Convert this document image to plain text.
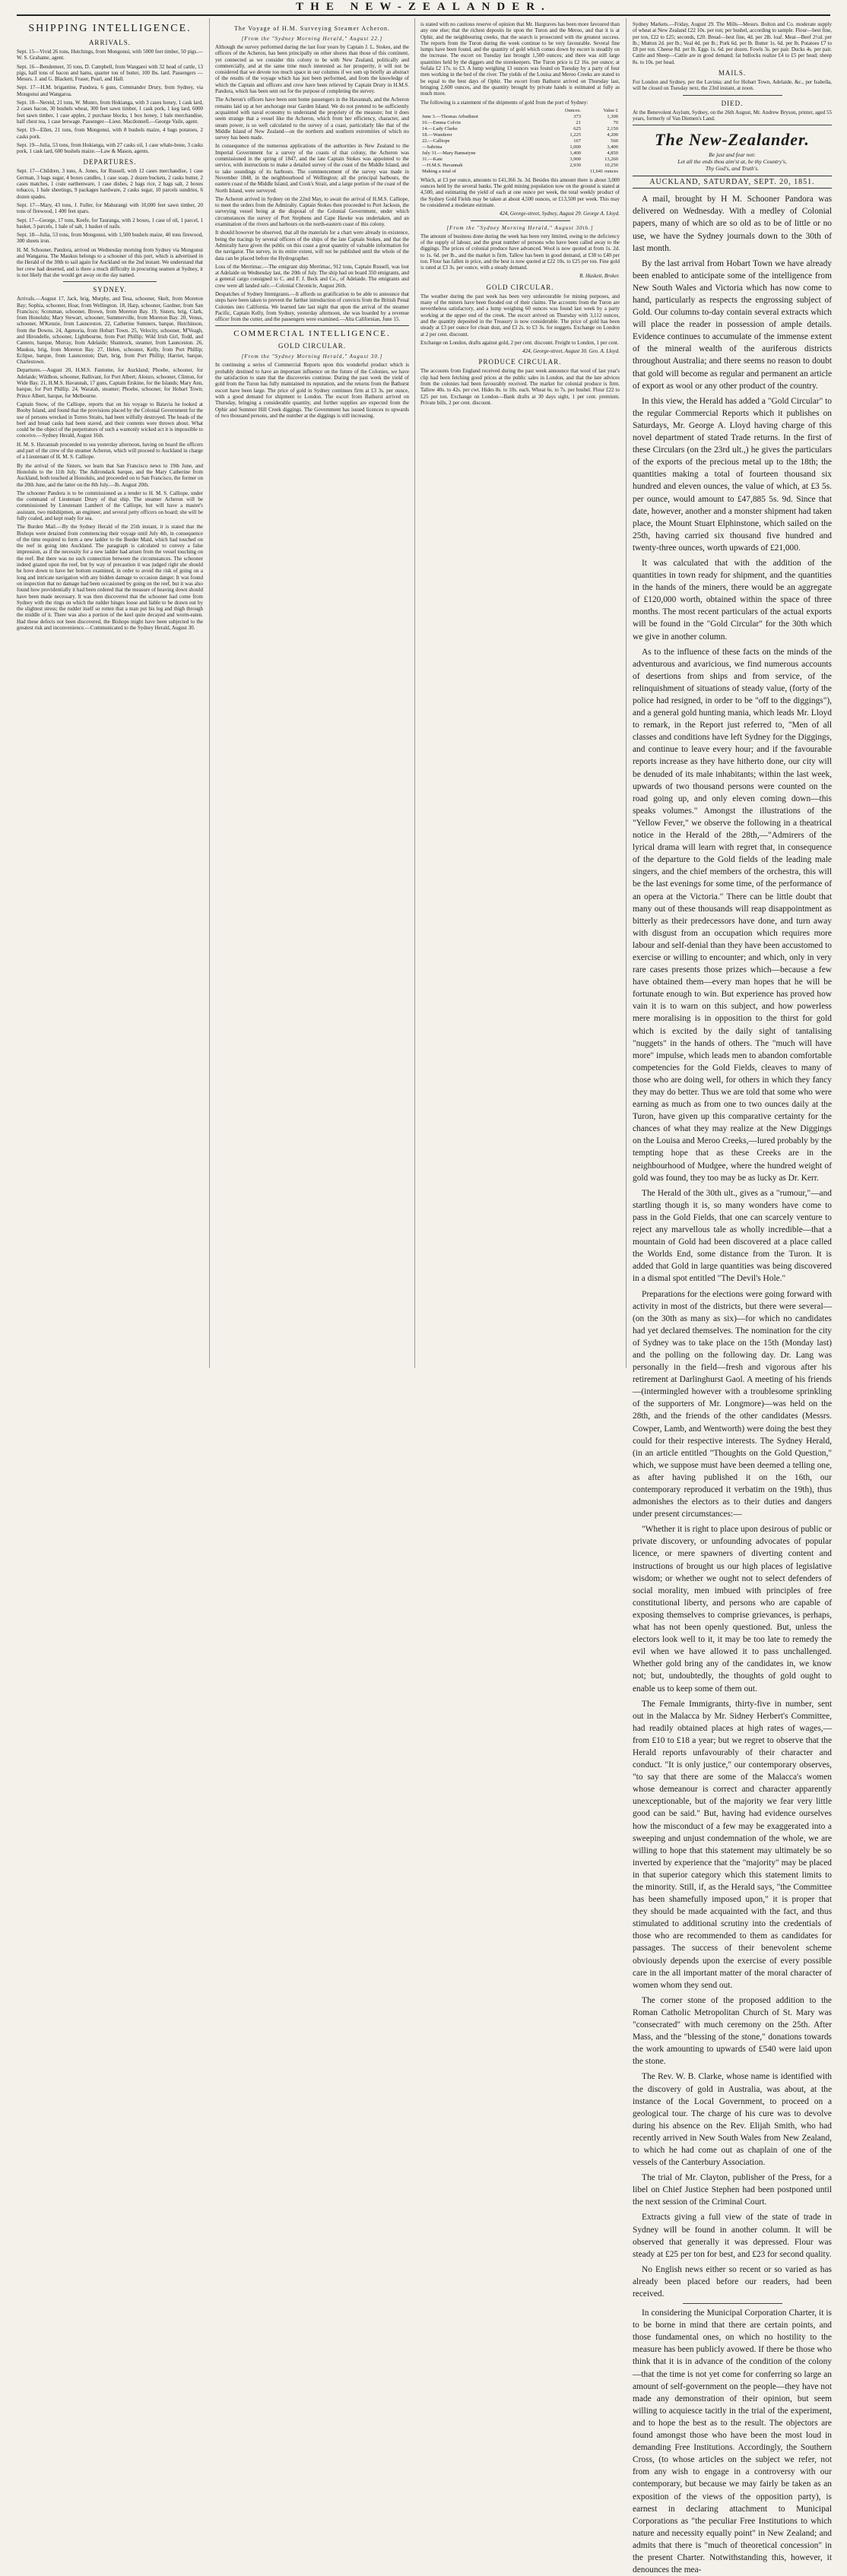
THE NEW-ZEALANDER.
SHIPPING INTELLIGENCE.
ARRIVALS.

Sept. 15—Vivid 26 tons, Hutchings, from Mongonui, with 5000 feet timber, 50 pigs.—W. S. Grahame, agent.

Sept. 16—Bendemeer, 35 tons, D. Campbell, from Wangarei with 32 head of cattle, 13 pigs, half tons of bacon and hams, quarter ton of butter, 100 lbs. lard. Passengers — Messrs. J. and G. Blackett, Fraser, Pearl, and Hall.

Sept. 17—H.M. brigantine, Pandora, 6 guns, Commander Drury, from Sydney, via Mongonui and Wangaroa.

Sept. 18—Nereid, 21 tons, W. Munro, from Hokianga, with 3 cases honey, 1 cask lard, 2 cases bacon, 30 bushels wheat, 300 feet sawn timber, 1 cask pork, 1 keg lard, 6000 feet sawn timber, 1 case apples, 2 purchase blocks, 1 box honey, 1 bale merchandise, half chest tea, 1 case brewage. Passenger—Lieut. Macdonnell.—George Vaile, agent.

Sept. 19—Ellen, 21 tons, from Mongonui, with 8 bushels maize, 4 bags potatoes, 2 casks pork.

Sept. 19—Julia, 53 tons, from Hokianga, with 27 casks oil, 1 case whale-bone, 3 casks pork, 1 cask lard, 600 bushels maize.—Law & Mason, agents.

DEPARTURES.

Sept. 17—Children, 3 tons, A. Jones, for Russell, with 12 cases merchandise, 1 case German, 3 bags sugar, 4 boxes candles, 1 case soap, 2 dozen buckets, 2 casks butter, 2 cases matches, 1 crate earthenware, 1 case dishes, 2 bags rice, 2 bags salt, 2 boxes tobacco, 1 bale sheetings, 9 packages hardware, 2 casks sugar, 10 parcels sundries, 6 dozen spades.

Sept. 17—Mary, 43 tons, J. Fuller, for Mahurangi with 10,000 feet sawn timber, 20 tons of firewood, 1 400 feet spars.

Sept. 17—George, 17 tons, Keefe, for Tauranga, with 2 boxes, 1 case of oil, 1 parcel, 1 basket, 3 parcels, 1 bale of salt, 1 basket of nails.

Sept. 18—Julia, 53 tons, from Mongonui, with 1,500 bushels maize, 40 tons firewood, 300 sheets iron.

H. M. Schooner, Pandora, arrived on Wednesday morning from Sydney via Mongonui and Wangaroa. The Maukus belongs to a schooner of this port, which is advertised in the Herald of the 30th to sail again for Auckland on the 2nd instant. We understand that her crew had deserted, and is there a much difficulty in procuring seamen at Sydney, it is not likely that she would get away on the day named.

SYDNEY.

Arrivals.—August 17, Jack, brig, Murphy, and Tesa, schooner, Skelt, from Moreton Bay; Sophia, schooner, Hoar, from Wellington. 18, Harp, schooner, Gardner, from San Francisco; Scotsman, schooner, Brown, from Moreton Bay. 19, Sisters, brig, Clark, from Honolulu; Mary Stewart, schooner, Summerville, from Moreton Bay. 20, Venus, schooner, M'Kenzie, from Launceston. 22, Catherine Sumners, barque, Hutchinson, from the Downs. 24, Agenoria, from Hobart Town. 25, Velocity, schooner, M'Veagh, and Hirondelle, schooner, Lightbourne, from Port Phillip; Wild Irish Girl, Todd, and Cantero, barque, Murray, from Adelaide; Shamrock, steamer, from Launceston. 26, Maukus, brig, from Moreton Bay. 27, Helen, schooner, Kelly, from Port Phillip; Eclipse, barque, from Launceston; Dart, brig, from Port Phillip; Harriet, barque, Charlestown.

Departures.—August 20, H.M.S. Fantome, for Auckland; Phoebe, schooner, for Adelaide; Wildbon, schooner, Ballivant, for Port Albert; Alonzo, schooner, Clinton, for Wide Bay. 21, H.M.S. Havannah, 17 guns, Captain Erskine, for the Islands; Mary Ann, barque, for Port Phillip. 24, Waratah, steamer; Phoebe, schooner, for Hobart Town; Prince Albert, barque, for Melbourne.

Captain Snow, of the Calliope, reports that on his voyage to Batavia he looked at Booby Island, and found that the provisions placed by the Colonial Government for the use of persons wrecked in Torres Straits, had been wilfully destroyed. The heads of the beef and bread casks had been staved, and their contents were thrown about. What could be the object of the perpetrators of such a wantonly wicked act it is impossible to conceive.—Sydney Herald, August 16th.

H. M. S. Havannah proceeded to sea yesterday afternoon, having on board the officers and part of the crew of the steamer Acheron, which will proceed to Auckland in charge of a Lieutenant of H. M. S. Calliope.

By the arrival of the Sisters, we learn that San Francisco news to 19th June, and Honolulu to the 11th July. The Adirondack barque, and the Mary Catherine from Auckland, both touched at Honolulu, and proceeded on to San Francisco, the former on the 20th June, and the latter on the 8th July.—Ib. August 20th.

The schooner Pandora is to be commissioned as a tender to H. M. S. Calliope, under the command of Lieutenant Drury of that ship. The steamer Acheron will be commissioned by Lieutenant Lambert of the Calliope, but will have a master's assistant, two midshipmen, an engineer, and several petty officers on board; she will be fully coaled, and kept ready for sea.

The Burden Mail.—By the Sydney Herald of the 25th instant, it is stated that the Bishops were detained from commencing their voyage until July 4th, in consequence of the time required to form a new ladder to the Border Maid, which had touched on the reef in going into Auckland. The paragraph is calculated to convey a false impression, as if the necessity for a new ladder had arisen from the vessel touching on the reef. But there was no such connection between the circumstances. The schooner indeed grazed upon the reef, but by way of precaution it was judged right she should be hove down to have her bottom examined, in order to avoid the risk of going on a long and intricate navigation with any hidden damage to occasion danger. It was found on inspection that no damage had been occasioned by going on the reef, but it was also found how providentially it had been ordered that the measure of heaving down should have been made necessary. It was then discovered that the schooner had come from Sydney with the rings on which the rudder hinges loose and liable to be drawn out by the slightest stress; the rudder itself so rotten that a man put his leg and thigh through the middle of it. There was also a portion of the keel quite decayed and worm-eaten. Had these defects not been discovered, the Bishops might have been subjected to the greatest risk and inconvenience.—Communicated to the Sydney Herald, August 30.

The Voyage of H.M. Surveying Steamer Acheron.
[From the "Sydney Morning Herald," August 22.]

Although the survey performed during the last four years by Captain J. L. Stokes, and the officers of the Acheron, has been principally on other shores than those of this continent, yet connected as we consider this colony to be with New Zealand, politically and commercially, and at the same time much interested as her prosperity, it will not be considered that we devote too much space in our columns if we sum up briefly an abstract of the results of the voyage which has just been performed, and from the knowledge of which the Captain and officers and crew have been relieved by Captain Drury in H.M.S. Pandora, which has been sent out for the purpose of completing the survey.

The Acheron's officers have been sent home passengers in the Havannah, and the Acheron remains laid up at her anchorage near Garden Island. We do not pretend to be sufficiently acquainted with naval economy to understand the propriety of the measure; but it does seem strange that a vessel like the Acheron, which from her efficiency, character, and steam power, is so well calculated to the survey of a coast, particularly like that of the Middle Island of New Zealand—on the northern and southern extremities of which no survey has been made.

In consequence of the numerous applications of the authorities in New Zealand to the Imperial Government for a survey of the coasts of that colony, the Acheron was commissioned in the spring of 1847, and the late Captain Stokes was appointed to the service, with instructions to make a detailed survey of the coast of the Middle Island, and to take soundings of its harbours. The commencement of the survey was made in November 1848, in the neighbourhood of Wellington; all the principal harbours, the eastern coast of the Middle Island, and Cook's Strait, and a large portion of the coast of the North Island, were surveyed.

The Acheron arrived in Sydney on the 22nd May, to await the arrival of H.M.S. Calliope, to meet the orders from the Admiralty. Captain Stokes then proceeded to Port Jackson, the surveying vessel being at the disposal of the Colonial Government, under which circumstances the survey of Port Stephens and Cape Hawke was undertaken, and an examination of the rivers and harbours on the north-eastern coast of this colony.

It should however be observed, that all the materials for a chart were already in existence, being the tracings by several officers of the ships of the late Captain Stokes, and that the Admiralty have given the public on this coast a great quantity of valuable information for the navigator. The survey, in its entire extent, will not be published until the whole of the data can be placed before the Hydrographer.

Loss of the Merrimac.—The emigrant ship Merrimac, 912 tons, Captain Russell, was lost at Adelaide on Wednesday last, the 20th of July. The ship had on board 350 emigrants, and a general cargo consigned to C. and F. J. Beck and Co., of Adelaide. The emigrants and crew were all landed safe.—Colonial Chronicle, August 26th.

Despatches of Sydney Immigrants.—It affords us gratification to be able to announce that steps have been taken to prevent the further introduction of convicts from the British Penal Colonies into California. We learned late last night that upon the arrival of the steamer Pacific, Captain Kelly, from Sydney, yesterday afternoon, she was boarded by a revenue officer from the cutter, and the passengers were examined.—Alta Californian, June 15.

COMMERCIAL INTELLIGENCE.
GOLD CIRCULAR.
[From the "Sydney Morning Herald," August 30.]

In continuing a series of Commercial Reports upon this wonderful product which is probably destined to have an important influence on the future of the Colonies, we have the satisfaction to state that the discoveries continue. During the past week the yield of gold from the Turon has fully maintained its reputation, and the returns from the Bathurst escort have been large. The price of gold in Sydney continues firm at £3 3s. per ounce, with a good demand for shipment to London. The escort from Bathurst arrived on Thursday, bringing a considerable quantity, and further supplies are expected from the Ophir and Summer Hill Creek diggings. The Government has issued licences to upwards of two thousand persons, and the number at the diggings is still increasing.

is stated with no cautious reserve of opinion that Mr. Hargraves has been more favoured than any one else; that the richest deposits lie upon the Turon and the Meroo, and that it is at Ophir, and the neighbouring creeks, that the search is prosecuted with the greatest success. The reports from the Turon during the week continue to be very favourable. Several fine lumps have been found, and the quantity of gold which comes down by escort is steadily on the increase. The escort on Tuesday last brought 1,500 ounces; and there was still large quantities held by the diggers and the storekeepers. The Turon price is £2 16s. per ounce; at Sofala £2 17s. to £3. A lump weighing 13 ounces was found on Tuesday by a party of four men working in the bed of the river. The yields of the Louisa and Meroo Creeks are stated to be equal to the best days of Ophir. The escort from Bathurst arrived on Thursday last, bringing 2,600 ounces, and the quantity brought by private hands is estimated at fully as much more.

The following is a statement of the shipments of gold from the port of Sydney:

	Ounces.	Value £
June 3.—Thomas Arbuthnot	373	1,300
10.—Emma Colvin	21	70
14.—Lady Clarke	625	2,150
18.—Wanderer	1,225	4,200
22.—Calliope	167	560
—Sabrina	1,000	3,400
July 31.—Mary Bannatyne	1,400	4,850
31.—Kate	3,900	13,260
—H.M.S. Havannah	2,930	10,250
Making a total of	11,641 ounces	

Which, at £3 per ounce, amounts to £41,366 3s. 3d. Besides this amount there is about 3,000 ounces held by the several banks. The gold mining population now on the ground is stated at 4,500, and estimating the yield of each at one ounce per week, the total weekly product of the Sydney Gold Fields may be taken at about 4,500 ounces, or £13,500 per week. This may be considered a moderate estimate.

424, George-street, Sydney, August 29. George A. Lloyd.

[From the "Sydney Morning Herald," August 30th.]

The amount of business done during the week has been very limited, owing to the deficiency of the supply of labour, and the great number of persons who have been called away to the diggings. The prices of colonial produce have advanced. Wool is now quoted at from 1s. 2d. to 1s. 6d. per lb., and the market is firm. Tallow has been in good demand, at £38 to £40 per ton. Flour has fallen in price, and the best is now quoted at £22 10s. to £25 per ton. Fine gold is rated at £3 3s. per ounce, with a steady demand.

R. Haskett, Broker.

GOLD CIRCULAR.

The weather during the past week has been very unfavourable for mining purposes, and many of the miners have been flooded out of their claims. The accounts from the Turon are nevertheless satisfactory, and a lump weighing 60 ounces was found last week by a party working at the upper end of the creek. The escort arrived on Thursday with 3,112 ounces, and the quantity deposited in the Treasury is now considerable. The price of gold has been steady at £3 per ounce for clean dust, and £3 2s. to £3 3s. for nuggets. Exchange on London at 2 per cent. discount.

Exchange on London, drafts against gold, 2 per cent. discount. Freight to London, 1 per cent.

424, George-street, August 30. Geo. A. Lloyd.

PRODUCE CIRCULAR.

The accounts from England received during the past week announce that wool of last year's clip had been fetching good prices at the public sales in London, and that the late advices from the colonies had been favourably received. The market for colonial produce is firm. Tallow 40s. to 42s. per cwt. Hides 8s. to 10s. each. Wheat 6s. to 7s. per bushel. Flour £22 to £25 per ton. Exchange on London—Bank drafts at 30 days sight, 1 per cent. premium. Private bills, 2 per cent. discount.

Sydney Markets.—Friday, August 29. The Mills—Messrs. Bolton and Co. moderate supply of wheat at New Zealand £22 10s. per ton; per bushel, according to sample. Flour—best fine, per ton, £22 to £25; seconds, £20. Bread—best fine, 4d. per 2lb. loaf. Meat—Beef 2½d. per lb.; Mutton 2d. per lb.; Veal 4d. per lb.; Pork 6d. per lb. Butter 1s. 6d. per lb. Potatoes £7 to £8 per ton. Cheese 8d. per lb. Eggs 1s. 6d. per dozen. Fowls 3s. per pair. Ducks 4s. per pair. Cattle and Sheep—Cattle are in good demand; fat bullocks realize £4 to £5 per head; sheep 8s. to 10s. per head.

MAILS.

For London and Sydney, per the Lavinia; and for Hobart Town, Adelaide, &c., per Isabella, will be closed on Tuesday next, the 23rd instant, at noon.

DIED.

At the Benevolent Asylum, Sydney, on the 26th August, Mr. Andrew Bryson, printer, aged 55 years, formerly of Van Diemen's Land.

The New-Zealander.
Be just and fear not:
Let all the ends thou aim'st at, be thy Country's,
Thy God's, and Truth's.
AUCKLAND, SATURDAY, SEPT. 20, 1851.

A mail, brought by H M. Schooner Pandora was delivered on Wednesday. With a medley of Colonial papers, many of which are so old as to be of little or no use, we have the Sydney journals down to the 30th of last month.

By the last arrival from Hobart Town we have already been enabled to anticipate some of the intelligence from New South Wales and Victoria which has now come to hand, particularly as respects the engrossing subject of Gold. Our columns to-day contain several extracts which will place the reader in possession of ample details. Evidence continues to accumulate of the immense extent of the mineral wealth of the auriferous districts throughout Australia; and there seems no reason to doubt that gold will become as regular and permanent an article of export as wool or any other product of the country.

In this view, the Herald has added a "Gold Circular" to the regular Commercial Reports which it publishes on Saturdays, Mr. George A. Lloyd having charge of this novel department of stated Trade returns. In the first of these Circulars (on the 23rd ult.,) he gives the particulars of the exports of the precious metal up to the 18th; the quantities making a total of fourteen thousand six hundred and eleven ounces, the value of which, at £3 5s. per ounce, would amount to £47,885 5s. 9d. Since that date, however, another and a monster shipment had taken place, the Mount Stuart Elphinstone, which sailed on the 25th, having carried six thousand five hundred and twenty-three ounces, worth upwards of £21,000.

It was calculated that with the addition of the quantities in town ready for shipment, and the quantities in the hands of the miners, there would be an aggregate of £120,000 worth, obtained within the space of three months. The most recent particulars of the actual exports will be found in the "Gold Circular" for the 30th which we give in another column.

As to the influence of these facts on the minds of the adventurous and avaricious, we find numerous accounts of desertions from ships and from service, of the relinquishment of situations of steady value, (forty of the police had resigned, in order to be "off to the diggings"), and a general gold hunting mania, which leads Mr. Lloyd to remark, in the Report just referred to, "Men of all classes and conditions have left Sydney for the Diggings, and continue to leave every hour; and if the favourable reports increase as they have hitherto done, our city will be denuded of its male inhabitants; within the last week, upwards of two thousand persons were counted on the road going up, and only eleven coming down—this speaks volumes." Amongst the illustrations of the "Yellow Fever," we observe the following in a theatrical notice in the Herald of the 28th,—"Admirers of the lyrical drama will learn with regret that, in consequence of the departure to the Gold fields of the leading male singers, and the chief members of the orchestra, this will be the last evenings for some time, of the performance of an opera at the Victoria." There can be little doubt that many out of these thousands will reap disappointment as bitterly as their predecessors have done, and turn away with disgust from an occupation which requires more labour and self-denial than they have been accustomed to exercise or willing to encounter; and which, only in very rare cases presents those prizes which—because a few have obtained them—every man hopes that he will be fortunate enough to win. But experience has proved how vain it is to warn on this subject, and how powerless mere moralising is in opposition to the thirst for gold which is excited by the daily sight of tantalising "nuggets" in the hands of others. The "much will have more" impulse, which leads men to abandon comfortable competencies for the Gold Fields, cleaves to many of those who are doing well, for others in which they fancy they may do better. Thus we are told that some who were earning as much as from one to two ounces daily at the Turon, have given up this comparative certainty for the chances of what they may realize at the New Diggings on the Louisa and Meroo Creeks,—lured probably by the tempting hope that as these Creeks are in the neighbourhood of Mudgee, where the hundred weight of gold was found, they too may be as lucky as Dr. Kerr.

The Herald of the 30th ult., gives as a "rumour,"—and startling though it is, so many wonders have come to pass in the Gold Fields, that one can scarcely venture to reject any marvellous tale as wholly incredible—that a mountain of Gold had been discovered at a place called the Worlds End, some distance from the Turon. It is added that Gold in large quantities was being discovered in a dismal spot entitled "The Devil's Hole."

Preparations for the elections were going forward with activity in most of the districts, but there were several—(on the 30th as many as six)—for which no candidates had yet declared themselves. The nomination for the city of Sydney was to take place on the 15th (Monday last) and the polling on the following day. Dr. Lang was personally in the field—fresh and vigorous after his retirement at Darlinghurst Gaol. A meeting of his friends—(intermingled however with a troublesome sprinkling of the supporters of Mr. Longmore)—was held on the 28th, and the friends of the other candidates (Messrs. Cowper, Lamb, and Wentworth) were doing the best they could for their respective interests. The Sydney Herald, (in an article entitled "Thoughts on the Gold Question," which, we suppose must have been deemed a telling one, as after having published it on the 16th, our contemporary reproduced it verbatim on the 19th), thus admonishes the electors as to their duties and dangers under present circumstances:—

"Whether it is right to place upon desirous of public or private discovery, or unfounding advocates of popular licence, or mere spawners of diverting content and instructions of brought us our high places of legislative wisdom; or whether we ought not to select defenders of social morality, men imbued with principles of free constitutional liberty, and persons who are capable of exposing themselves to comprise grievances, is perhaps, what has not been openly questioned. But, unless the electors look well to it, it may be too late to remedy the evil when we have allowed it to pass unchallenged. Whether gold bring any of the candidates in, we know not; but, undoubtedly, the thoughts of gold ought to enable us to keep some of them out.

The Female Immigrants, thirty-five in number, sent out in the Malacca by Mr. Sidney Herbert's Committee, had readily obtained places at high rates of wages,—from £10 to £18 a year; but we regret to observe that the Herald reports unfavourably of their character and conduct. "It is only justice," our contemporary observes, "to say that there are some of the Malacca's women whose demeanour is correct and character apparently unexceptionable, but of the majority we fear very little good can be said." But, having had evidence ourselves how the misconduct of a few may be exaggerated into a sweeping and unjust condemnation of the whole, we are willing to hope that this statement may ultimately be so inverted by experience that the "majority" may be placed in that superior category which this statement limits to the minority. Still, if, as the Herald says, "the Committee has been shamefully imposed upon," it is proper that they should be made acquainted with the fact, and thus stimulated to additional scrutiny into the credentials of those who are recommended to them as candidates for passages. The success of their benevolent scheme obviously depends upon the exercise of every possible care in the all important matter of the moral character of women whom they send out.

The corner stone of the proposed addition to the Roman Catholic Metropolitan Church of St. Mary was "consecrated" with much ceremony on the 25th. After Mass, and the "blessing of the stone," donations towards the work amounting to upwards of £540 were laid upon the stone.

The Rev. W. B. Clarke, whose name is identified with the discovery of gold in Australia, was about, at the instance of the Local Government, to proceed on a geological tour. The charge of his cure was to devolve during his absence on the Rev. Elijah Smith, who had recently arrived in New South Wales from New Zealand, to which he had come out as chaplain of one of the vessels of the Canterbury Association.

The trial of Mr. Clayton, publisher of the Press, for a libel on Chief Justice Stephen had been postponed until the next session of the Criminal Court.

Extracts giving a full view of the state of trade in Sydney will be found in another column. It will be observed that generally it was depressed. Flour was steady at £25 per ton for best, and £23 for second quality.

No English news either so recent or so varied as has already been placed before our readers, had been received.

In considering the Municipal Corporation Charter, it is to be borne in mind that there are certain points, and those fundamental ones, on which no hostility to the measure has been publicly avowed. If there be those who think that it is in advance of the condition of the colony—that the time is not yet come for conferring so large an amount of self-government on the people—they have not made any demonstration of their opinion, but seem willing to acquiesce tacitly in the trial of the experiment, and to hope the best as to the result. The objectors are found amongst those who have been the most loud in demanding Free Institutions. Accordingly, the Southern Cross, (to whose articles on the subject we refer, not from any wish to engage in a controversy with our contemporary, but because we may fairly be taken as an exposition of the views of the opposition party), is earnest in declaring attachment to Municipal Corporations as "the peculiar Free Institutions to which nature and necessity equally point" in New Zealand; and admits that there is "much of theoretical concession" in the present Charter. Notwithstanding this, however, it denounces the mea-
